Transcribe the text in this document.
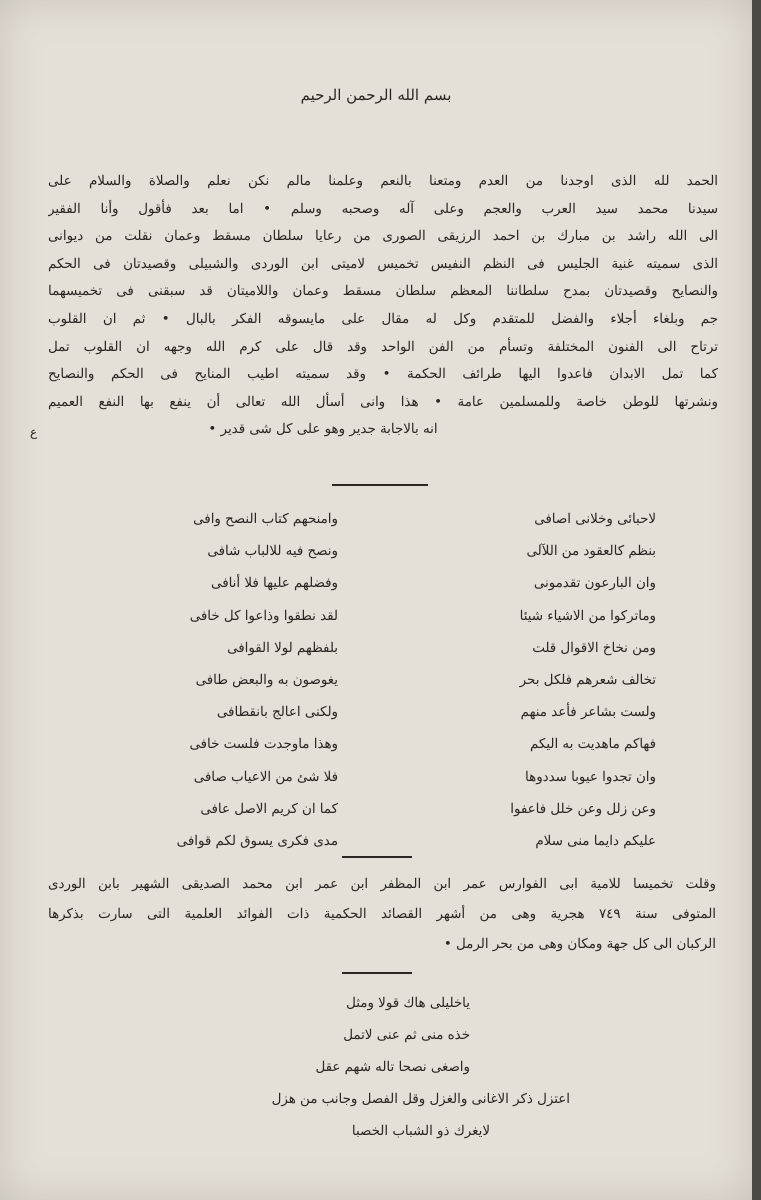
بسم الله الرحمن الرحيم
الحمد لله الذى اوجدنا من العدم ومتعنا بالنعم وعلمنا مالم نكن نعلم والصلاة والسلام على
سيدنا محمد سيد العرب والعجم وعلى آله وصحبه وسلم • اما بعد فأقول وأنا الفقير
الى الله راشد بن مبارك بن احمد الرزيقى الصورى من رعايا سلطان مسقط وعمان نقلت من ديوانى
الذى سميته غنية الجليس فى النظم النفيس تخميس لاميتى ابن الوردى والشبيلى وقصيدتان فى الحكم
والنصايح وقصيدتان بمدح سلطاننا المعظم سلطان مسقط وعمان واللاميتان قد سبقنى فى تخميسهما
جم وبلغاء أجلاء والفضل للمتقدم وكل له مقال على مايسوقه الفكر بالبال • ثم ان القلوب
ترتاح الى الفنون المختلفة وتسأم من الفن الواحد وقد قال على كرم الله وجهه ان القلوب تمل
كما تمل الابدان فاعدوا اليها طرائف الحكمة • وقد سميته اطيب المنايح فى الحكم والنصايح
ونشرتها للوطن خاصة وللمسلمين عامة • هذا وانى أسأل الله تعالى أن ينفع بها النفع العميم
انه بالاجابة جدير وهو على كل شى قدير •
ع
لاحبائى وخلانى اصافى
وامنحهم كتاب النصح وافى
بنظم كالعقود من اللآلى
ونصح فيه للالباب شافى
وان البارعون تقدمونى
وفضلهم عليها فلا أنافى
وماتركوا من الاشياء شيئا
لقد نطقوا وذاعوا كل خافى
ومن نخاخ الاقوال قلت
بلفظهم لولا القوافى
تخالف شعرهم فلكل بحر
يغوصون به والبعض طافى
ولست بشاعر فأعد منهم
ولكنى اعالج بانقطافى
فهاكم ماهديت به اليكم
وهذا ماوجدت فلست خافى
وان تجدوا عيوبا سددوها
فلا شئ من الاعياب صافى
وعن زلل وعن خلل فاعفوا
كما ان كريم الاصل عافى
عليكم دايما منى سلام
مدى فكرى يسوق لكم قوافى
وقلت تخميسا للامية ابى الفوارس عمر ابن المظفر ابن عمر ابن محمد الصديقى الشهير بابن الوردى
المتوفى سنة ٧٤٩ هجرية وهى من أشهر القصائد الحكمية ذات الفوائد العلمية التى سارت بذكرها
الركبان الى كل جهة ومكان وهى من بحر الرمل •
ياخليلى هاك قولا ومثل
خذه منى ثم عنى لاتمل
واصغى نصحا تاله شهم عقل
اعتزل ذكر الاغانى والغزل وقل الفصل وجانب من هزل
لايغرك ذو الشباب الخصبا
